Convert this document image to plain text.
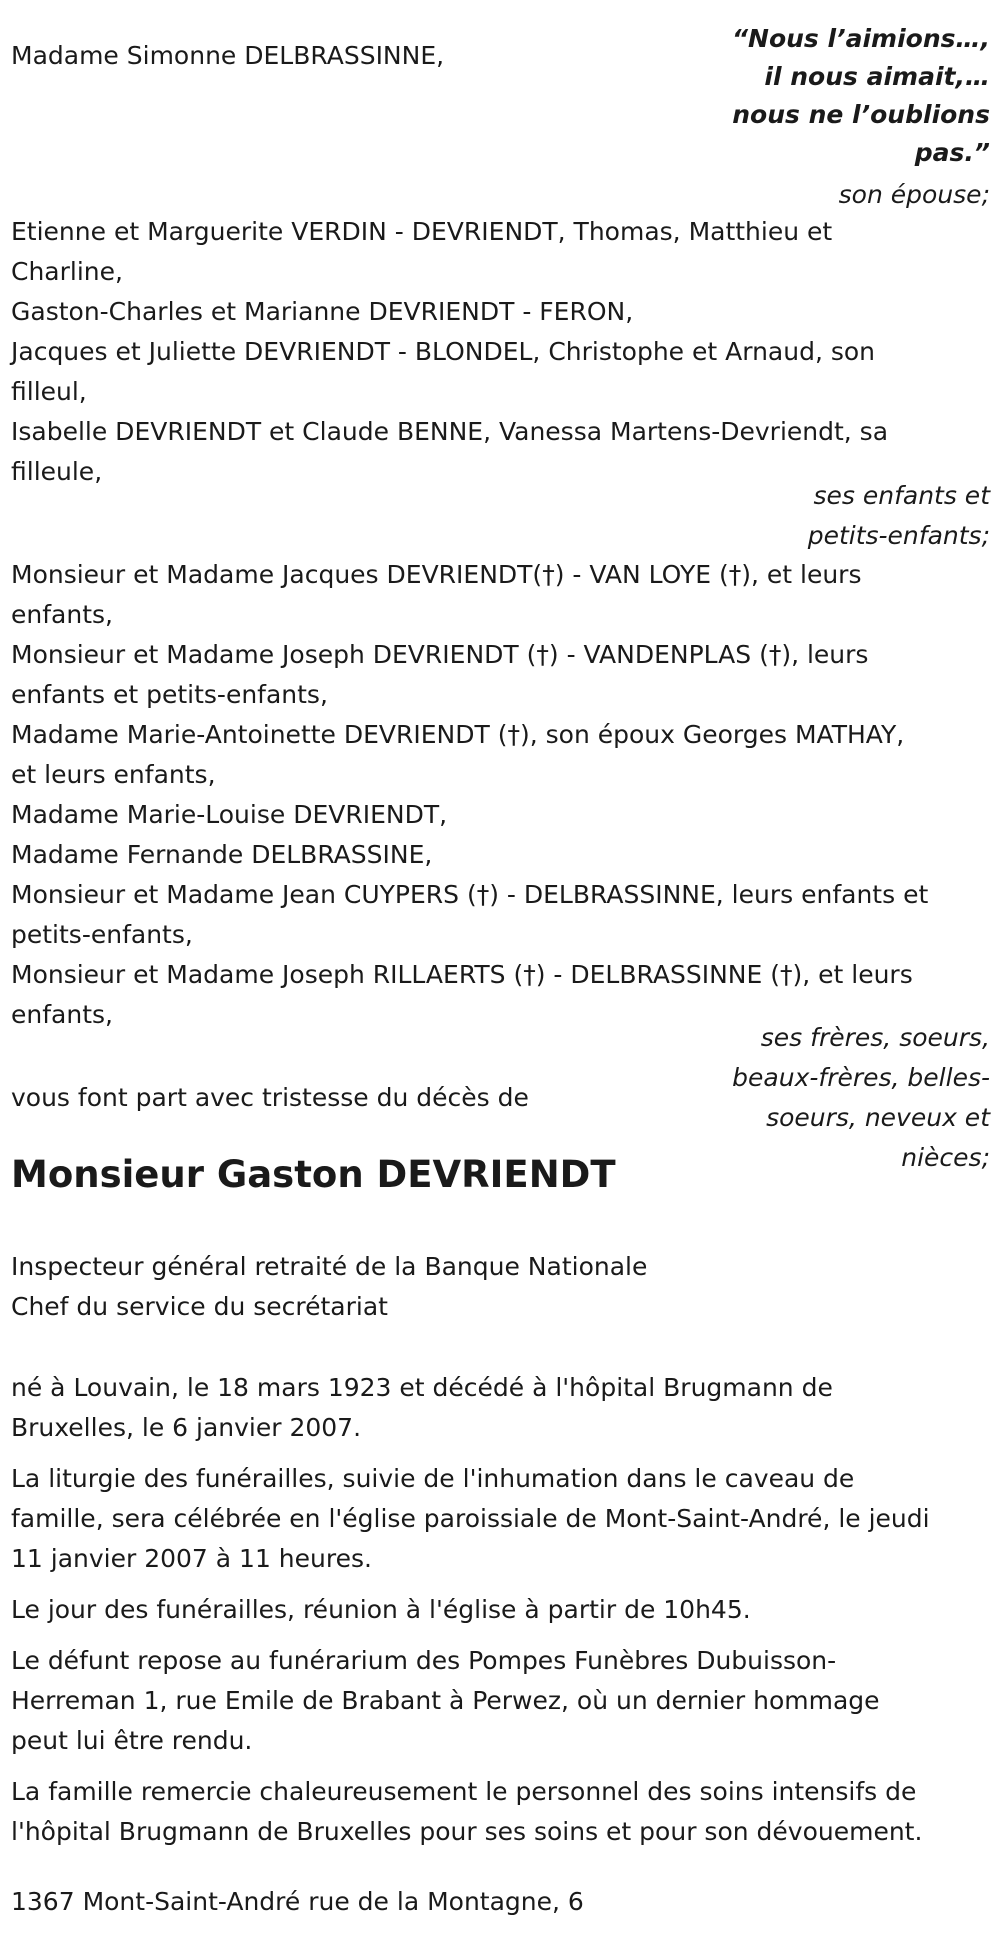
Madame Simonne DELBRASSINNE,
“Nous l’aimions…,
il nous aimait,…
nous ne l’oublions
pas.”
son épouse;
Etienne et Marguerite VERDIN - DEVRIENDT, Thomas, Matthieu et
Charline,
Gaston-Charles et Marianne DEVRIENDT - FERON,
Jacques et Juliette DEVRIENDT - BLONDEL, Christophe et Arnaud, son
filleul,
Isabelle DEVRIENDT et Claude BENNE, Vanessa Martens-Devriendt, sa
filleule,
ses enfants et
petits-enfants;
Monsieur et Madame Jacques DEVRIENDT(†) - VAN LOYE (†), et leurs
enfants,
Monsieur et Madame Joseph DEVRIENDT (†) - VANDENPLAS (†), leurs
enfants et petits-enfants,
Madame Marie-Antoinette DEVRIENDT (†), son époux Georges MATHAY,
et leurs enfants,
Madame Marie-Louise DEVRIENDT,
Madame Fernande DELBRASSINE,
Monsieur et Madame Jean CUYPERS (†) - DELBRASSINNE, leurs enfants et
petits-enfants,
Monsieur et Madame Joseph RILLAERTS (†) - DELBRASSINNE (†), et leurs
enfants,
ses frères, soeurs,
beaux-frères, belles-
soeurs, neveux et
nièces;
vous font part avec tristesse du décès de
Monsieur Gaston DEVRIENDT
Inspecteur général retraité de la Banque Nationale
Chef du service du secrétariat
né à Louvain, le 18 mars 1923 et décédé à l'hôpital Brugmann de
Bruxelles, le 6 janvier 2007.
La liturgie des funérailles, suivie de l'inhumation dans le caveau de
famille, sera célébrée en l'église paroissiale de Mont-Saint-André, le jeudi
11 janvier 2007 à 11 heures.
Le jour des funérailles, réunion à l'église à partir de 10h45.
Le défunt repose au funérarium des Pompes Funèbres Dubuisson-
Herreman 1, rue Emile de Brabant à Perwez, où un dernier hommage
peut lui être rendu.
La famille remercie chaleureusement le personnel des soins intensifs de
l'hôpital Brugmann de Bruxelles pour ses soins et pour son dévouement.
1367 Mont-Saint-André rue de la Montagne, 6
